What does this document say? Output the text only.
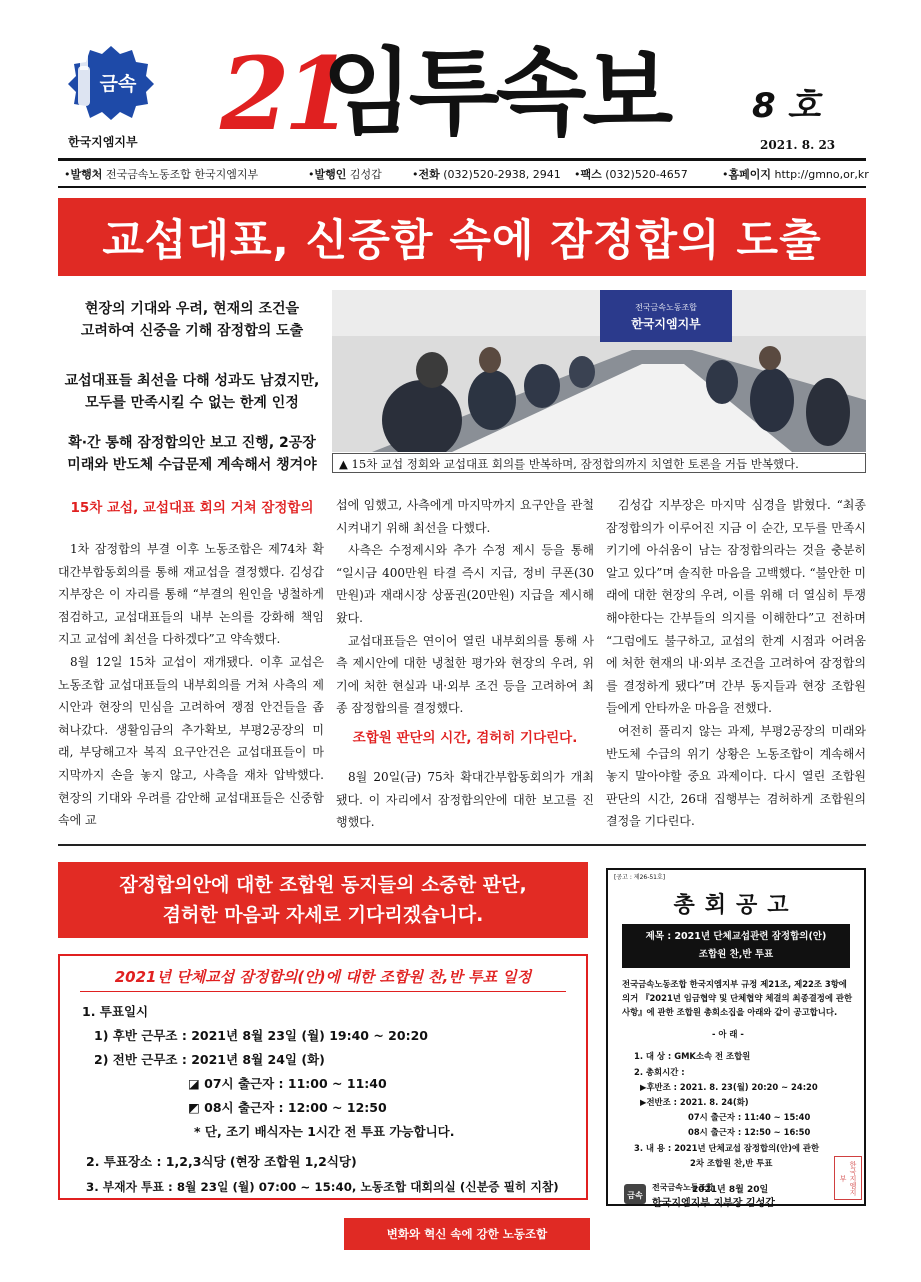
금속
한국지엠지부 21
임투속보 8 호
2021. 8. 23
•발행처 전국금속노동조합 한국지엠지부	•발행인 김성갑	•전화 (032)520-2938, 2941 •팩스 (032)520-4657	•홈페이지 http://gmno,or,kr
교섭대표, 신중함 속에 잠정합의 도출
현장의 기대와 우려, 현재의 조건을
고려하여 신중을 기해 잠정합의 도출
교섭대표들 최선을 다해 성과도 남겼지만,
모두를 만족시킬 수 없는 한계 인정
확·간 통해 잠정합의안 보고 진행, 2공장
미래와 반도체 수급문제 계속해서 챙겨야
전국금속노동조합
한국지엠지부
▲ 15차 교섭 정회와 교섭대표 회의를 반복하며, 잠정합의까지 치열한 토론을 거듭 반복했다.
15차 교섭, 교섭대표 회의 거쳐 잠정합의

1차 잠정합의 부결 이후 노동조합은 제74차 확대간부합동회의를 통해 재교섭을 결정했다. 김성갑 지부장은 이 자리를 통해 “부결의 원인을 냉철하게 점검하고, 교섭대표들의 내부 논의를 강화해 책임지고 교섭에 최선을 다하겠다”고 약속했다.

8월 12일 15차 교섭이 재개됐다. 이후 교섭은 노동조합 교섭대표들의 내부회의를 거쳐 사측의 제시안과 현장의 민심을 고려하여 쟁점 안건들을 좁혀나갔다. 생활임금의 추가확보, 부평2공장의 미래, 부당해고자 복직 요구안건은 교섭대표들이 마지막까지 손을 놓지 않고, 사측을 재차 압박했다. 현장의 기대와 우려를 감안해 교섭대표들은 신중함 속에 교

섭에 임했고, 사측에게 마지막까지 요구안을 관철시켜내기 위해 최선을 다했다.

사측은 수정제시와 추가 수정 제시 등을 통해 “일시금 400만원 타결 즉시 지급, 정비 쿠폰(30만원)과 재래시장 상품권(20만원) 지급을 제시해왔다.

교섭대표들은 연이어 열린 내부회의를 통해 사측 제시안에 대한 냉철한 평가와 현장의 우려, 위기에 처한 현실과 내·외부 조건 등을 고려하여 최종 잠정합의를 결정했다.

조합원 판단의 시간, 겸허히 기다린다.

8월 20일(금) 75차 확대간부합동회의가 개최됐다. 이 자리에서 잠정합의안에 대한 보고를 진행했다.

김성갑 지부장은 마지막 심경을 밝혔다. “최종 잠정합의가 이루어진 지금 이 순간, 모두를 만족시키기에 아쉬움이 남는 잠정합의라는 것을 충분히 알고 있다”며 솔직한 마음을 고백했다. “불안한 미래에 대한 현장의 우려, 이를 위해 더 열심히 투쟁해야한다는 간부들의 의지를 이해한다”고 전하며 “그럼에도 불구하고, 교섭의 한계 시점과 어려움에 처한 현재의 내·외부 조건을 고려하여 잠정합의를 결정하게 됐다”며 간부 동지들과 현장 조합원들에게 안타까운 마음을 전했다.

여전히 풀리지 않는 과제, 부평2공장의 미래와 반도체 수급의 위기 상황은 노동조합이 계속해서 놓지 말아야할 중요 과제이다. 다시 열린 조합원 판단의 시간, 26대 집행부는 겸허하게 조합원의 결정을 기다린다.

잠정합의안에 대한 조합원 동지들의 소중한 판단,
겸허한 마음과 자세로 기다리겠습니다.
2021년 단체교섭 잠정합의(안)에 대한 조합원 찬,반 투표 일정
1. 투표일시
1) 후반 근무조 : 2021년 8월 23일 (월) 19:40 ~ 20:20
2) 전반 근무조 : 2021년 8월 24일 (화)
◪ 07시 출근자 : 11:00 ~ 11:40
◩ 08시 출근자 : 12:00 ~ 12:50
* 단, 조기 배식자는 1시간 전 투표 가능합니다.
2. 투표장소 : 1,2,3식당 (현장 조합원 1,2식당)
3. 부재자 투표 : 8월 23일 (월) 07:00 ~ 15:40, 노동조합 대회의실 (신분증 필히 지참)
[공고 : 제26-51호]
총회공고
제목 : 2021년 단체교섭관련 잠정합의(안)
조합원 찬,반 투표
전국금속노동조합 한국지엠지부 규정 제21조, 제22조 3항에
의거 『2021년 임금협약 및 단체협약 체결의 최종결정에 관한
사항』에 관한 조합원 총회소집을 아래와 같이 공고합니다.
- 아 래 -
1. 대 상 : GMK소속 전 조합원
2. 총회시간 :
▶후반조 : 2021. 8. 23(월) 20:20 ~ 24:20
▶전반조 : 2021. 8. 24(화)
07시 출근자 : 11:40 ~ 15:40
08시 출근자 : 12:50 ~ 16:50
3. 내 용 : 2021년 단체교섭 잠정합의(안)에 관한
2차 조합원 찬,반 투표
2021년 8월 20일
금속
전국금속노동조합
한국지엠지부 지부장 김성갑
한국지엠지부
변화와 혁신 속에 강한 노동조합
